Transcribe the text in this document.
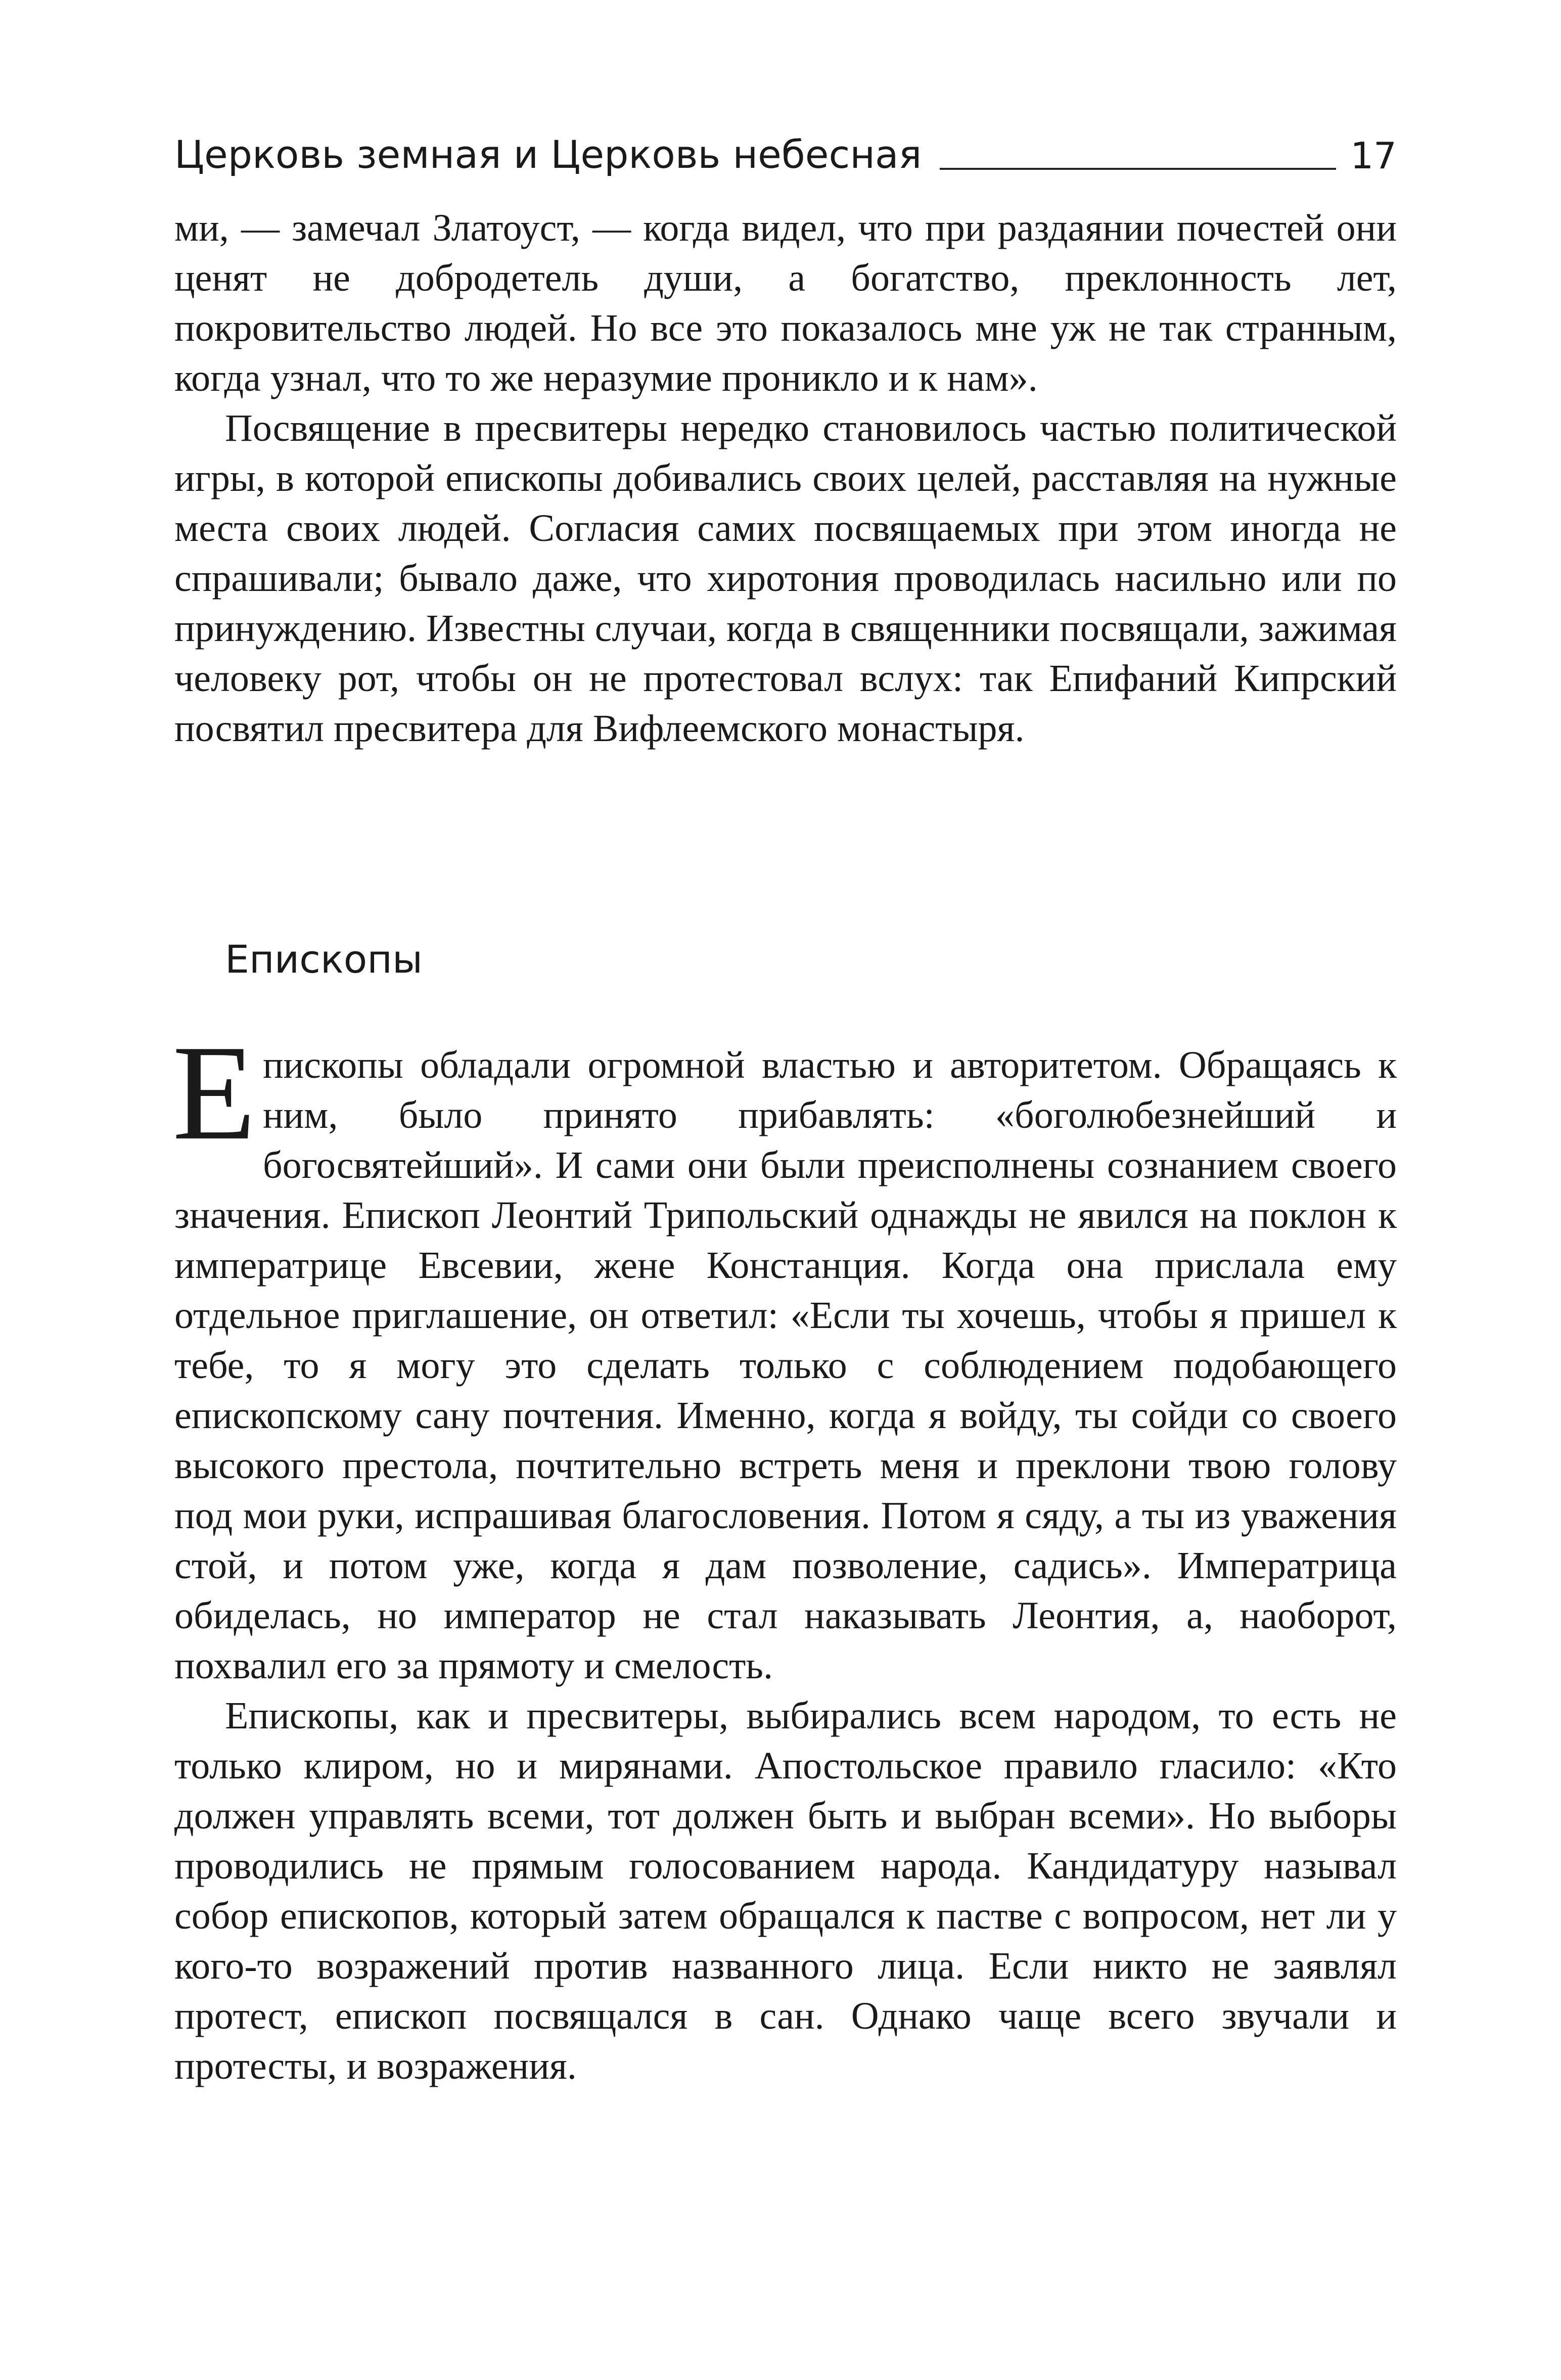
Церковь земная и Церковь небесная	17

ми, — замечал Златоуст, — когда видел, что при раздаянии почестей они ценят не добродетель души, а богатство, преклонность лет, покровительство людей. Но все это показалось мне уж не так странным, когда узнал, что то же неразумие проникло и к нам».

Посвящение в пресвитеры нередко становилось частью политической игры, в которой епископы добивались своих целей, расставляя на нужные места своих людей. Согласия самих посвящаемых при этом иногда не спрашивали; бывало даже, что хиротония проводилась насильно или по принуждению. Известны случаи, когда в священники посвящали, зажимая человеку рот, чтобы он не протестовал вслух: так Епифаний Кипрский посвятил пресвитера для Вифлеемского монастыря.

Епископы

Епископы обладали огромной властью и авторитетом. Обращаясь к ним, было принято прибавлять: «боголюбезнейший и богосвятейший». И сами они были преисполнены сознанием своего значения. Епископ Леонтий Трипольский однажды не явился на поклон к императрице Евсевии, жене Констанция. Когда она прислала ему отдельное приглашение, он ответил: «Если ты хочешь, чтобы я пришел к тебе, то я могу это сделать только с соблюдением подобающего епископскому сану почтения. Именно, когда я войду, ты сойди со своего высокого престола, почтительно встреть меня и преклони твою голову под мои руки, испрашивая благословения. Потом я сяду, а ты из уважения стой, и потом уже, когда я дам позволение, садись». Императрица обиделась, но император не стал наказывать Леонтия, а, наоборот, похвалил его за прямоту и смелость.

Епископы, как и пресвитеры, выбирались всем народом, то есть не только клиром, но и мирянами. Апостольское правило гласило: «Кто должен управлять всеми, тот должен быть и выбран всеми». Но выборы проводились не прямым голосованием народа. Кандидатуру называл собор епископов, который затем обращался к пастве с вопросом, нет ли у кого-то возражений против названного лица. Если никто не заявлял протест, епископ посвящался в сан. Однако чаще всего звучали и протесты, и возражения.
